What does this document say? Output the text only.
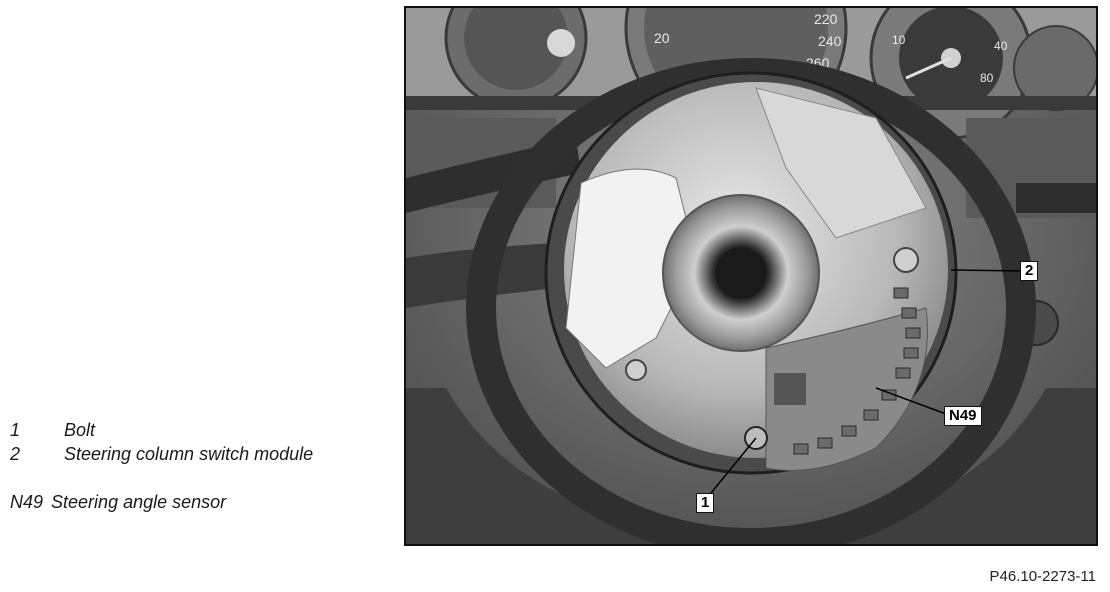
1	Bolt
2	Steering column switch module
N49 Steering angle sensor
20
220
240
260
10	40
80
1
2
N49
P46.10-2273-11
